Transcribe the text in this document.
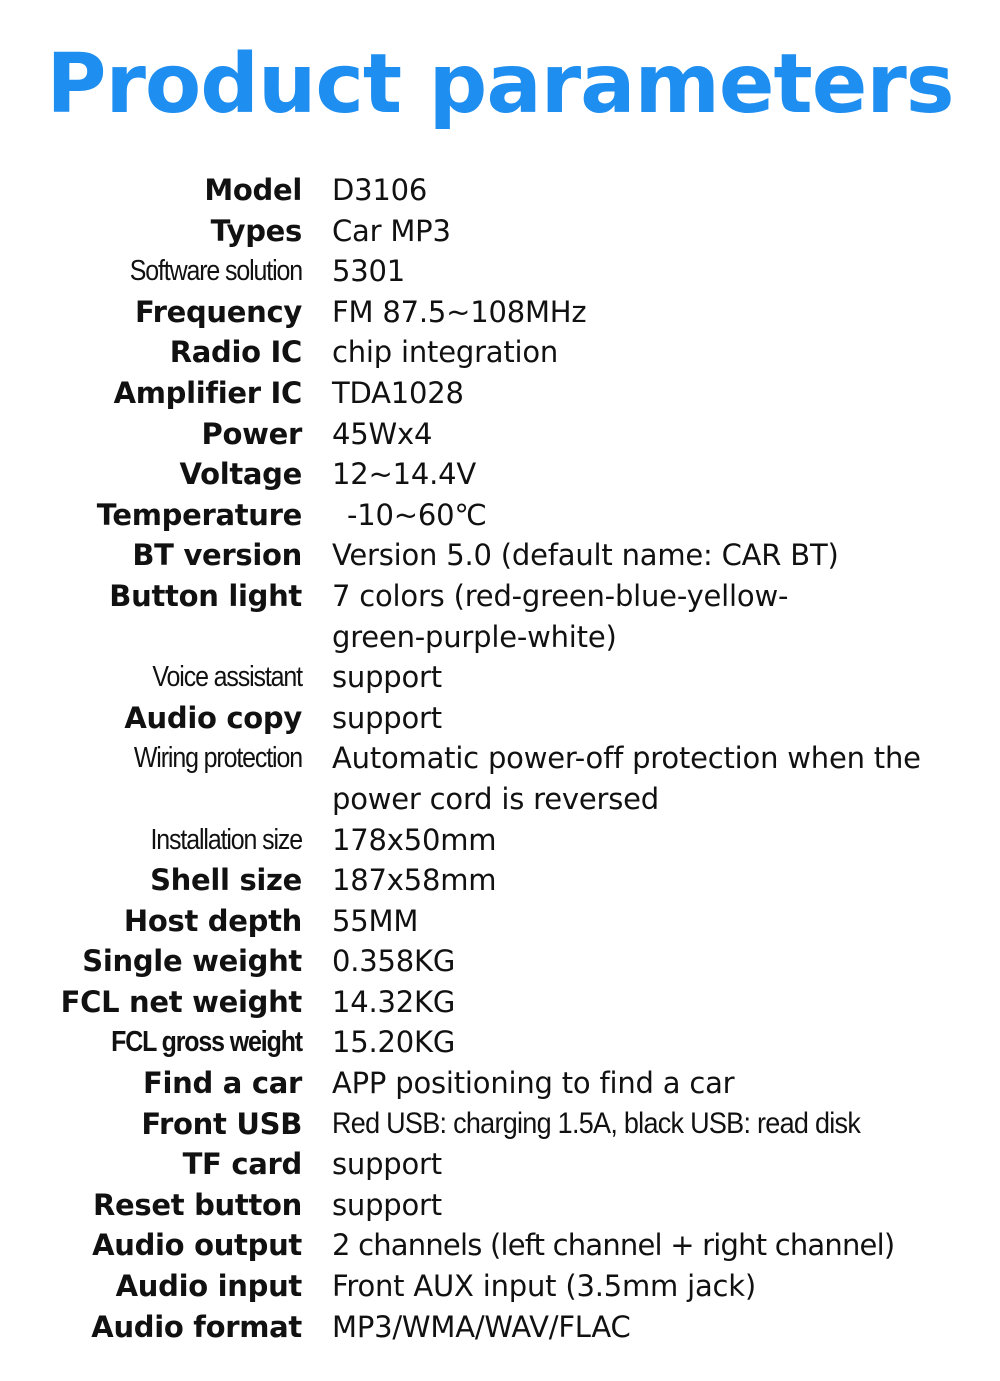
Product parameters
Model D3106
Types Car MP3
Software solution 5301
Frequency FM 87.5~108MHz
Radio IC chip integration
Amplifier IC TDA1028
Power 45Wx4
Voltage 12~14.4V
Temperature	-10~60℃
BT version Version 5.0 (default name: CAR BT)
Button light 7 colors (red-green-blue-yellow-green-purple-white)
Voice assistant support
Audio copy support
Wiring protection Automatic power-off protection when the power cord is reversed
Installation size 178x50mm
Shell size 187x58mm
Host depth 55MM
Single weight 0.358KG
FCL net weight 14.32KG
FCL gross weight 15.20KG
Find a car APP positioning to find a car
Front USB Red USB: charging 1.5A, black USB: read disk
TF card support
Reset button support
Audio output 2 channels (left channel + right channel)
Audio input Front AUX input (3.5mm jack)
Audio format MP3/WMA/WAV/FLAC
